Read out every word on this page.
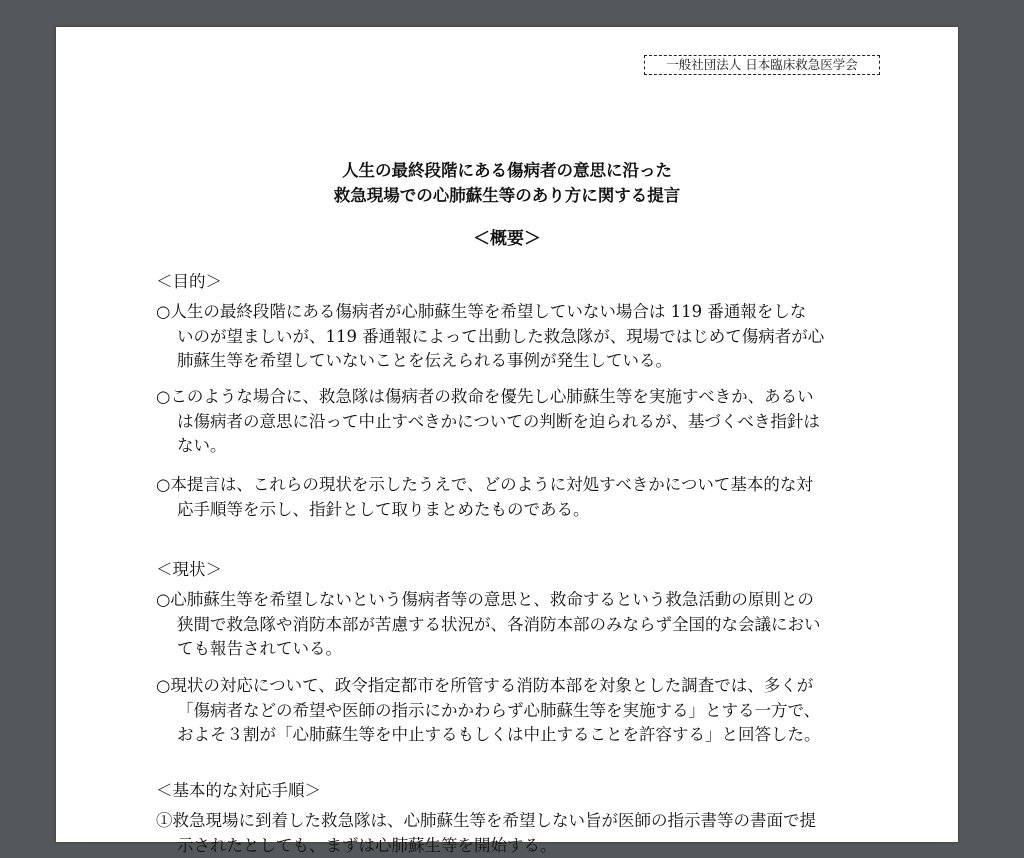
一般社団法人 日本臨床救急医学会
人生の最終段階にある傷病者の意思に沿った
救急現場での心肺蘇生等のあり方に関する提言
＜概要＞
＜目的＞
○人生の最終段階にある傷病者が心肺蘇生等を希望していない場合は 119 番通報をしな
いのが望ましいが、119 番通報によって出動した救急隊が、現場ではじめて傷病者が心
肺蘇生等を希望していないことを伝えられる事例が発生している。
○このような場合に、救急隊は傷病者の救命を優先し心肺蘇生等を実施すべきか、あるい
は傷病者の意思に沿って中止すべきかについての判断を迫られるが、基づくべき指針は
ない。
○本提言は、これらの現状を示したうえで、どのように対処すべきかについて基本的な対
応手順等を示し、指針として取りまとめたものである。
＜現状＞
○心肺蘇生等を希望しないという傷病者等の意思と、救命するという救急活動の原則との
狭間で救急隊や消防本部が苦慮する状況が、各消防本部のみならず全国的な会議におい
ても報告されている。
○現状の対応について、政令指定都市を所管する消防本部を対象とした調査では、多くが
「傷病者などの希望や医師の指示にかかわらず心肺蘇生等を実施する」とする一方で、
およそ３割が「心肺蘇生等を中止するもしくは中止することを許容する」と回答した。
＜基本的な対応手順＞
①救急現場に到着した救急隊は、心肺蘇生等を希望しない旨が医師の指示書等の書面で提
示されたとしても、まずは心肺蘇生等を開始する。
